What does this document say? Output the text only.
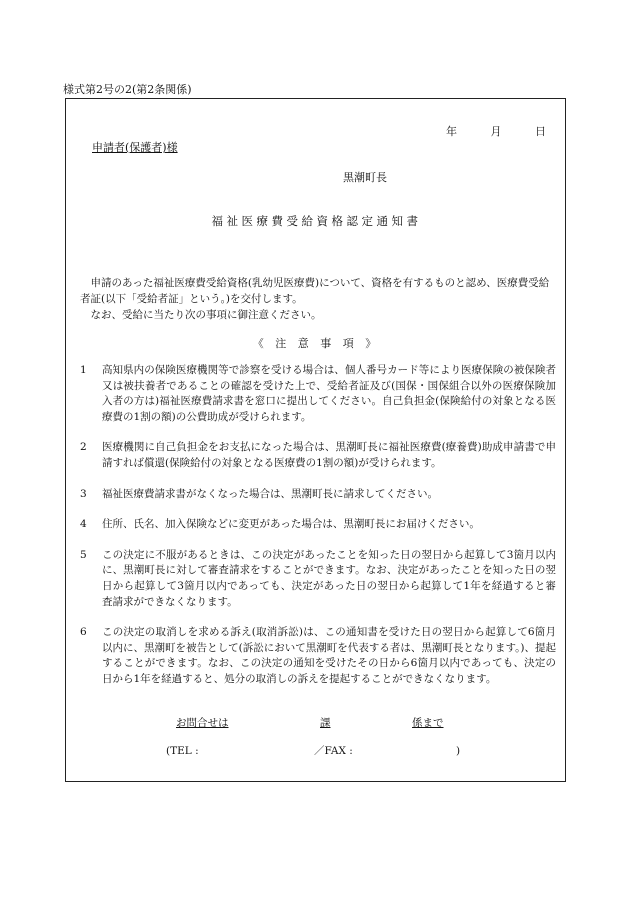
様式第2号の2(第2条関係)
年	月	日
申請者(保護者)様
黒潮町長
福祉医療費受給資格認定通知書

申請のあった福祉医療費受給資格(乳幼児医療費)について、資格を有するものと認め、医療費受給者証(以下「受給者証」という。)を交付します。

なお、受給に当たり次の事項に御注意ください。

《 注 意 事 項 》
1	高知県内の保険医療機関等で診察を受ける場合は、個人番号カード等により医療保険の被保険者又は被扶養者であることの確認を受けた上で、受給者証及び(国保・国保組合以外の医療保険加入者の方は)福祉医療費請求書を窓口に提出してください。自己負担金(保険給付の対象となる医療費の1割の額)の公費助成が受けられます。
2	医療機関に自己負担金をお支払になった場合は、黒潮町長に福祉医療費(療養費)助成申請書で申請すれば償還(保険給付の対象となる医療費の1割の額)が受けられます。
3	福祉医療費請求書がなくなった場合は、黒潮町長に請求してください。
4	住所、氏名、加入保険などに変更があった場合は、黒潮町長にお届けください。
5	この決定に不服があるときは、この決定があったことを知った日の翌日から起算して3箇月以内に、黒潮町長に対して審査請求をすることができます。なお、決定があったことを知った日の翌日から起算して3箇月以内であっても、決定があった日の翌日から起算して1年を経過すると審査請求ができなくなります。
6	この決定の取消しを求める訴え(取消訴訟)は、この通知書を受けた日の翌日から起算して6箇月以内に、黒潮町を被告として(訴訟において黒潮町を代表する者は、黒潮町長となります。)、提起することができます。なお、この決定の通知を受けたその日から6箇月以内であっても、決定の日から1年を経過すると、処分の取消しの訴えを提起することができなくなります。
お問合せは	課	係まで
(TEL :	／FAX :	)
